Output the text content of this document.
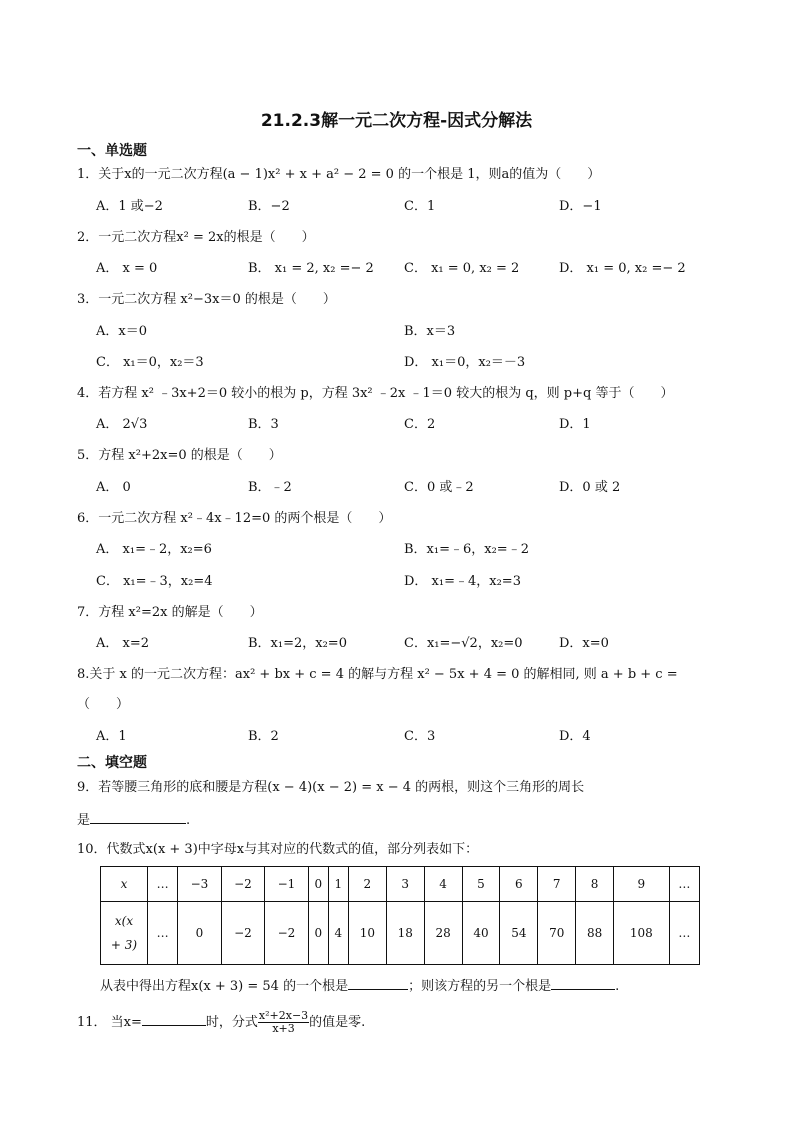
21.2.3解一元二次方程-因式分解法
一、单选题
1．关于x的一元二次方程(a − 1)x² + x + a² − 2 = 0 的一个根是 1，则a的值为（　　）
A．1 或−2	B．−2	C．1	D．−1
2．一元二次方程x² = 2x的根是（　　）
A． x = 0	B． x₁ = 2, x₂ =− 2 C． x₁ = 0, x₂ = 2	D． x₁ = 0, x₂ =− 2
3．一元二次方程 x²−3x＝0 的根是（　　）
A．x＝0	B．x＝3
C． x₁＝0，x₂＝3	D． x₁＝0，x₂＝－3
4．若方程 x² ﹣3x+2＝0 较小的根为 p，方程 3x² ﹣2x ﹣1＝0 较大的根为 q，则 p+q 等于（　　）
A． 2√3	B．3	C．2	D．1
5．方程 x²+2x=0 的根是（　　）
A． 0	B．﹣2	C．0 或﹣2	D．0 或 2
6．一元二次方程 x²﹣4x﹣12=0 的两个根是（　　）
A． x₁=﹣2，x₂=6	B．x₁=﹣6，x₂=﹣2
C． x₁=﹣3，x₂=4	D． x₁=﹣4，x₂=3
7．方程 x²=2x 的解是（　　）
A． x=2	B．x₁=2，x₂=0	C．x₁=−√2，x₂=0	D．x=0
8.关于 x 的一元二次方程：ax² + bx + c = 4 的解与方程 x² − 5x + 4 = 0 的解相同, 则 a + b + c =
（　　）
A．1	B．2	C．3	D．4
二、填空题
9．若等腰三角形的底和腰是方程(x − 4)(x − 2) = x − 4 的两根，则这个三角形的周长
是	.
10．代数式x(x + 3)中字母x与其对应的代数式的值，部分列表如下：
x	…	−3	−2	−1	0	1	2	3	4	5	6	7	8	9	…

x(x
+ 3)	…	0	−2	−2	0	4	10	18	28	40	54	70	88	108	…
从表中得出方程x(x + 3) = 54 的一个根是	；则该方程的另一个根是	.
11． 当x=	时，分式 $\frac{\text{x²+2x−3}}{x+3}$ 的值是零.
